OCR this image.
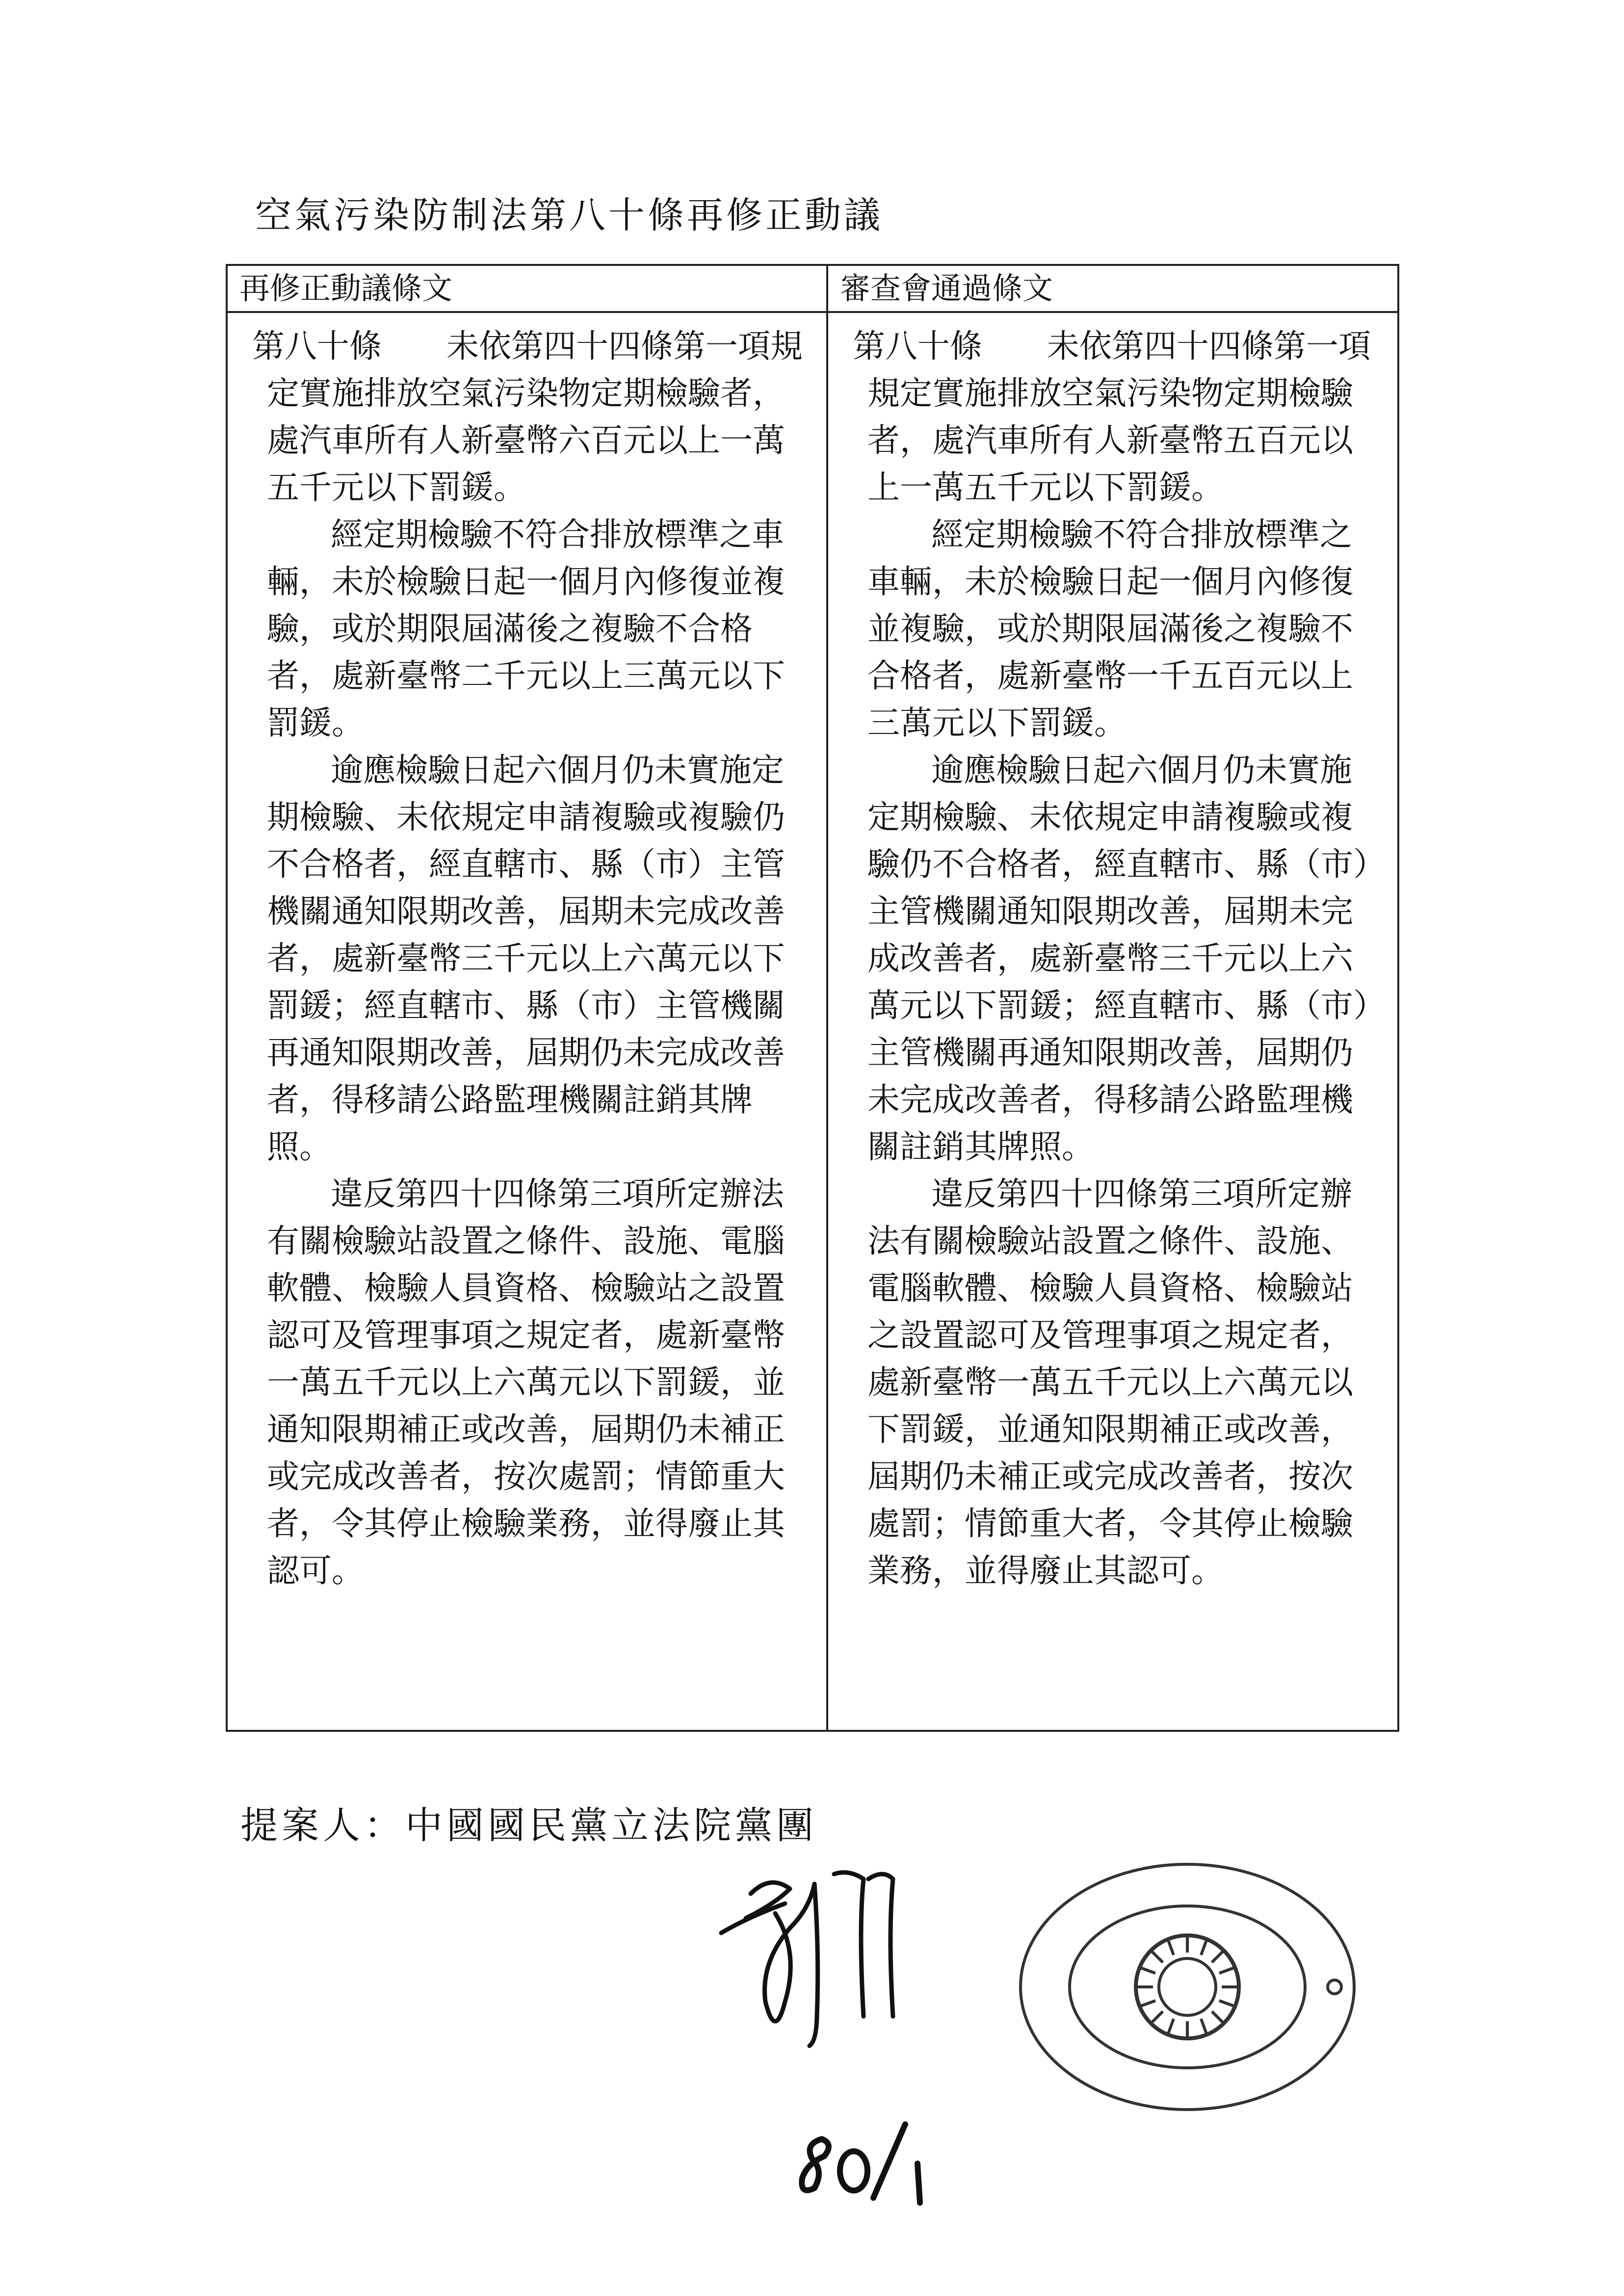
空氣污染防制法第八十條再修正動議
再修正動議條文	審查會通過條文

第八十條　　 未依第四十四條第一項規定實施排放空氣污染物定期檢驗者，處汽車所有人新臺幣六百元以上一萬五千元以下罰鍰。

經定期檢驗不符合排放標準之車輛，未於檢驗日起一個月內修復並複驗，或於期限屆滿後之複驗不合格者，處新臺幣二千元以上三萬元以下罰鍰。

逾應檢驗日起六個月仍未實施定期檢驗、未依規定申請複驗或複驗仍不合格者，經直轄市、縣（市）主管機關通知限期改善，屆期未完成改善者，處新臺幣三千元以上六萬元以下罰鍰；經直轄市、縣（市）主管機關再通知限期改善，屆期仍未完成改善者，得移請公路監理機關註銷其牌照。

違反第四十四條第三項所定辦法有關檢驗站設置之條件、設施、電腦軟體、檢驗人員資格、檢驗站之設置認可及管理事項之規定者，處新臺幣一萬五千元以上六萬元以下罰鍰，並通知限期補正或改善，屆期仍未補正或完成改善者，按次處罰；情節重大者，令其停止檢驗業務，並得廢止其認可。

第八十條　　 未依第四十四條第一項規定實施排放空氣污染物定期檢驗者，處汽車所有人新臺幣五百元以上一萬五千元以下罰鍰。

經定期檢驗不符合排放標準之車輛，未於檢驗日起一個月內修復並複驗，或於期限屆滿後之複驗不合格者，處新臺幣一千五百元以上三萬元以下罰鍰。

逾應檢驗日起六個月仍未實施定期檢驗、未依規定申請複驗或複驗仍不合格者，經直轄市、縣（市）主管機關通知限期改善，屆期未完成改善者，處新臺幣三千元以上六萬元以下罰鍰；經直轄市、縣（市）主管機關再通知限期改善，屆期仍未完成改善者，得移請公路監理機關註銷其牌照。

違反第四十四條第三項所定辦法有關檢驗站設置之條件、設施、電腦軟體、檢驗人員資格、檢驗站之設置認可及管理事項之規定者，處新臺幣一萬五千元以上六萬元以下罰鍰，並通知限期補正或改善，屆期仍未補正或完成改善者，按次處罰；情節重大者，令其停止檢驗業務，並得廢止其認可。

提案人：中國國民黨立法院黨團
